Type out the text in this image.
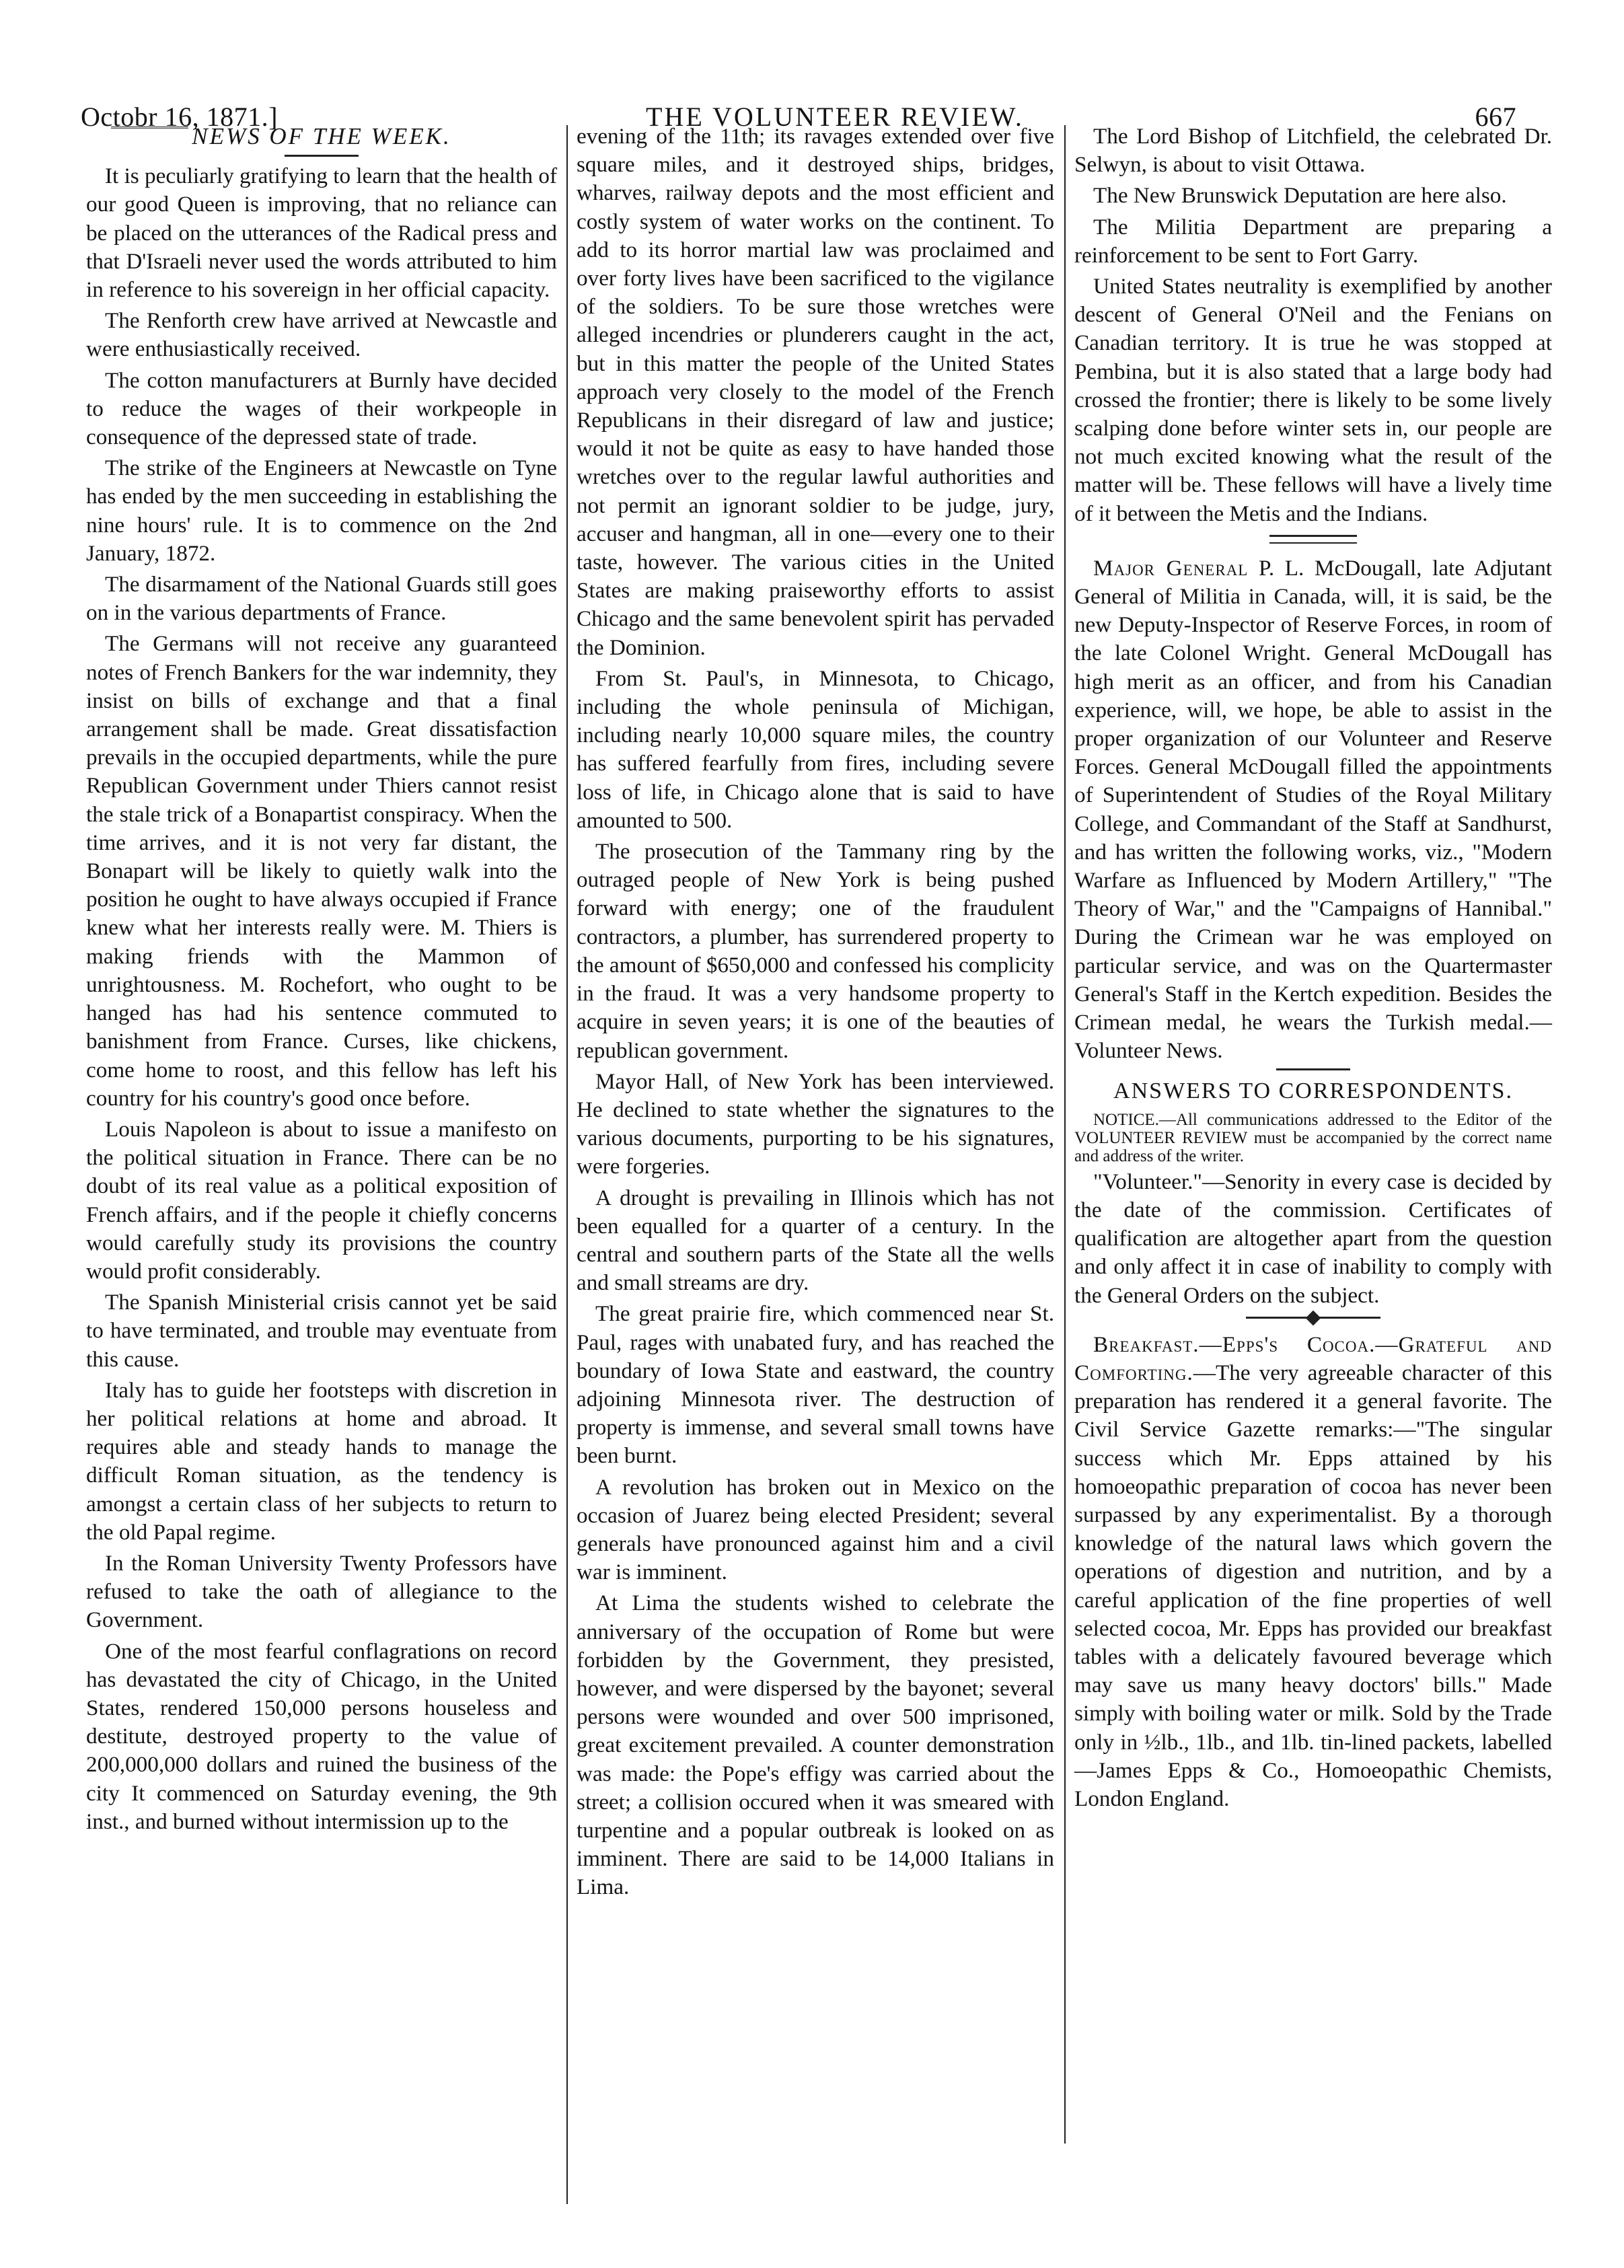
Octobr 16, 1871.]	THE VOLUNTEER REVIEW.	667
NEWS OF THE WEEK.

It is peculiarly gratifying to learn that the health of our good Queen is improving, that no reliance can be placed on the utterances of the Radical press and that D'Israeli never used the words attributed to him in reference to his sovereign in her official capacity.

The Renforth crew have arrived at Newcastle and were enthusiastically received.

The cotton manufacturers at Burnly have decided to reduce the wages of their workpeople in consequence of the depressed state of trade.

The strike of the Engineers at Newcastle on Tyne has ended by the men succeeding in establishing the nine hours' rule. It is to commence on the 2nd January, 1872.

The disarmament of the National Guards still goes on in the various departments of France.

The Germans will not receive any guaranteed notes of French Bankers for the war indemnity, they insist on bills of exchange and that a final arrangement shall be made. Great dissatisfaction prevails in the occupied departments, while the pure Republican Government under Thiers cannot resist the stale trick of a Bonapartist conspiracy. When the time arrives, and it is not very far distant, the Bonapart will be likely to quietly walk into the position he ought to have always occupied if France knew what her interests really were. M. Thiers is making friends with the Mammon of unrightousness. M. Rochefort, who ought to be hanged has had his sentence commuted to banishment from France. Curses, like chickens, come home to roost, and this fellow has left his country for his country's good once before.

Louis Napoleon is about to issue a manifesto on the political situation in France. There can be no doubt of its real value as a political exposition of French affairs, and if the people it chiefly concerns would carefully study its provisions the country would profit considerably.

The Spanish Ministerial crisis cannot yet be said to have terminated, and trouble may eventuate from this cause.

Italy has to guide her footsteps with discretion in her political relations at home and abroad. It requires able and steady hands to manage the difficult Roman situation, as the tendency is amongst a certain class of her subjects to return to the old Papal regime.

In the Roman University Twenty Professors have refused to take the oath of allegiance to the Government.

One of the most fearful conflagrations on record has devastated the city of Chicago, in the United States, rendered 150,000 persons houseless and destitute, destroyed property to the value of 200,000,000 dollars and ruined the business of the city It commenced on Saturday evening, the 9th inst., and burned without intermission up to the

evening of the 11th; its ravages extended over five square miles, and it destroyed ships, bridges, wharves, railway depots and the most efficient and costly system of water works on the continent. To add to its horror martial law was proclaimed and over forty lives have been sacrificed to the vigilance of the soldiers. To be sure those wretches were alleged incendries or plunderers caught in the act, but in this matter the people of the United States approach very closely to the model of the French Republicans in their disregard of law and justice; would it not be quite as easy to have handed those wretches over to the regular lawful authorities and not permit an ignorant soldier to be judge, jury, accuser and hangman, all in one—every one to their taste, however. The various cities in the United States are making praiseworthy efforts to assist Chicago and the same benevolent spirit has pervaded the Dominion.

From St. Paul's, in Minnesota, to Chicago, including the whole peninsula of Michigan, including nearly 10,000 square miles, the country has suffered fearfully from fires, including severe loss of life, in Chicago alone that is said to have amounted to 500.

The prosecution of the Tammany ring by the outraged people of New York is being pushed forward with energy; one of the fraudulent contractors, a plumber, has surrendered property to the amount of $650,000 and confessed his complicity in the fraud. It was a very handsome property to acquire in seven years; it is one of the beauties of republican government.

Mayor Hall, of New York has been interviewed. He declined to state whether the signatures to the various documents, purporting to be his signatures, were forgeries.

A drought is prevailing in Illinois which has not been equalled for a quarter of a century. In the central and southern parts of the State all the wells and small streams are dry.

The great prairie fire, which commenced near St. Paul, rages with unabated fury, and has reached the boundary of Iowa State and eastward, the country adjoining Minnesota river. The destruction of property is immense, and several small towns have been burnt.

A revolution has broken out in Mexico on the occasion of Juarez being elected President; several generals have pronounced against him and a civil war is imminent.

At Lima the students wished to celebrate the anniversary of the occupation of Rome but were forbidden by the Government, they presisted, however, and were dispersed by the bayonet; several persons were wounded and over 500 imprisoned, great excitement prevailed. A counter demonstration was made: the Pope's effigy was carried about the street; a collision occured when it was smeared with turpentine and a popular outbreak is looked on as imminent. There are said to be 14,000 Italians in Lima.

The Lord Bishop of Litchfield, the celebrated Dr. Selwyn, is about to visit Ottawa.

The New Brunswick Deputation are here also.

The Militia Department are preparing a reinforcement to be sent to Fort Garry.

United States neutrality is exemplified by another descent of General O'Neil and the Fenians on Canadian territory. It is true he was stopped at Pembina, but it is also stated that a large body had crossed the frontier; there is likely to be some lively scalping done before winter sets in, our people are not much excited knowing what the result of the matter will be. These fellows will have a lively time of it between the Metis and the Indians.

Major General P. L. McDougall, late Adjutant General of Militia in Canada, will, it is said, be the new Deputy-Inspector of Reserve Forces, in room of the late Colonel Wright. General McDougall has high merit as an officer, and from his Canadian experience, will, we hope, be able to assist in the proper organization of our Volunteer and Reserve Forces. General McDougall filled the appointments of Superintendent of Studies of the Royal Military College, and Commandant of the Staff at Sandhurst, and has written the following works, viz., "Modern Warfare as Influenced by Modern Artillery," "The Theory of War," and the "Campaigns of Hannibal." During the Crimean war he was employed on particular service, and was on the Quartermaster General's Staff in the Kertch expedition. Besides the Crimean medal, he wears the Turkish medal.—Volunteer News.

ANSWERS TO CORRESPONDENTS.

NOTICE.—All communications addressed to the Editor of the VOLUNTEER REVIEW must be accompanied by the correct name and address of the writer.

"Volunteer."—Senority in every case is decided by the date of the commission. Certificates of qualification are altogether apart from the question and only affect it in case of inability to comply with the General Orders on the subject.

Breakfast.—Epps's Cocoa.—Grateful and Comforting.—The very agreeable character of this preparation has rendered it a general favorite. The Civil Service Gazette remarks:—"The singular success which Mr. Epps attained by his homoeopathic preparation of cocoa has never been surpassed by any experimentalist. By a thorough knowledge of the natural laws which govern the operations of digestion and nutrition, and by a careful application of the fine properties of well selected cocoa, Mr. Epps has provided our breakfast tables with a delicately favoured beverage which may save us many heavy doctors' bills." Made simply with boiling water or milk. Sold by the Trade only in ½lb., 1lb., and 1lb. tin-lined packets, labelled—James Epps & Co., Homoeopathic Chemists, London England.
